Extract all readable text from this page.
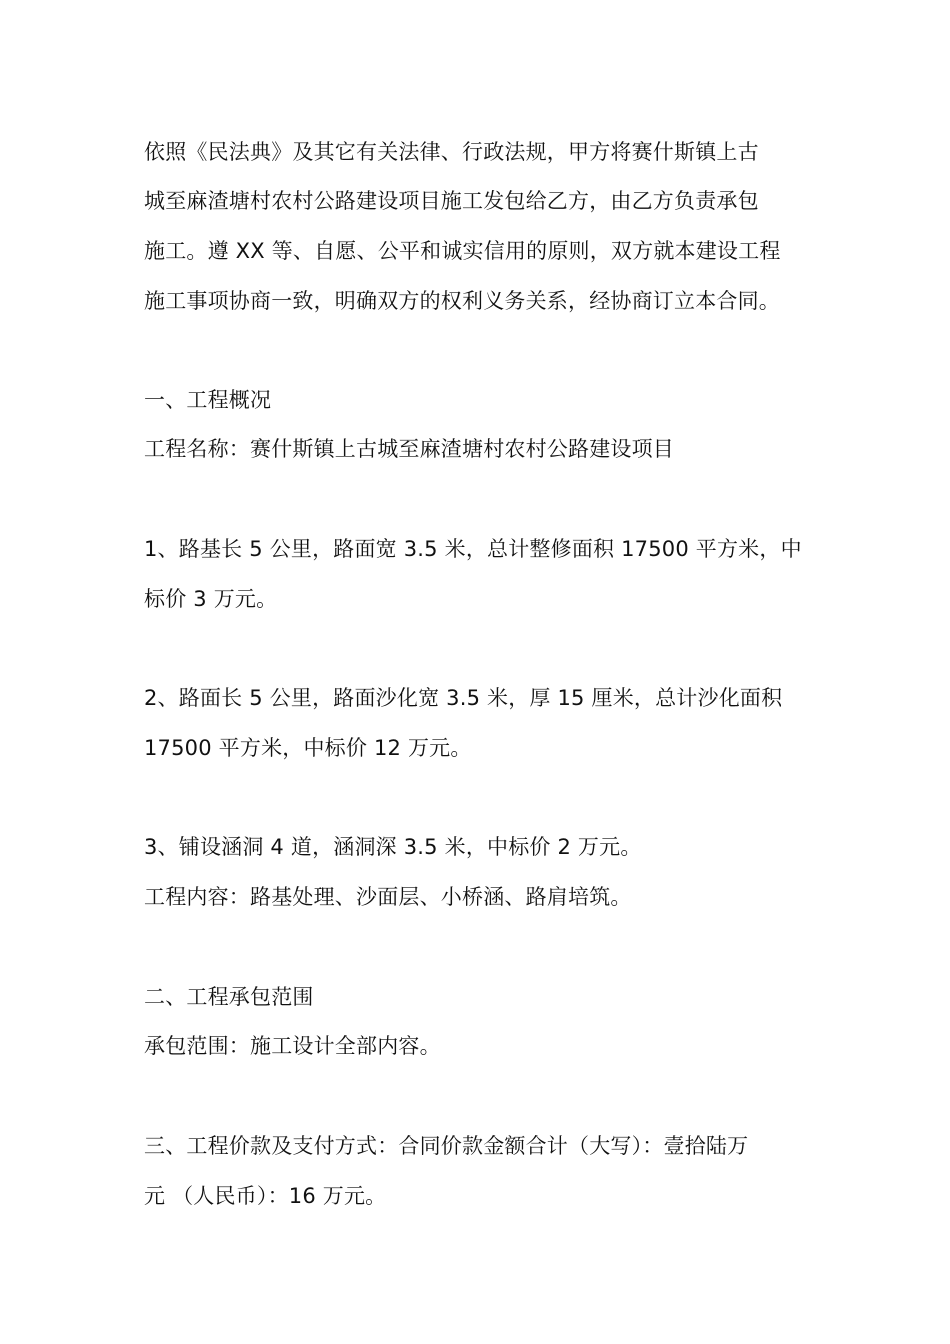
依照《民法典》及其它有关法律、行政法规，甲方将赛什斯镇上古
城至麻渣塘村农村公路建设项目施工发包给乙方，由乙方负责承包
施工。遵 XX 等、自愿、公平和诚实信用的原则，双方就本建设工程
施工事项协商一致，明确双方的权利义务关系，经协商订立本合同。
一、工程概况
工程名称：赛什斯镇上古城至麻渣塘村农村公路建设项目
1、路基长 5 公里，路面宽 3.5 米，总计整修面积 17500 平方米，中
标价 3 万元。
2、路面长 5 公里，路面沙化宽 3.5 米，厚 15 厘米，总计沙化面积
17500 平方米，中标价 12 万元。
3、铺设涵洞 4 道，涵洞深 3.5 米，中标价 2 万元。
工程内容：路基处理、沙面层、小桥涵、路肩培筑。
二、工程承包范围
承包范围：施工设计全部内容。
三、工程价款及支付方式：合同价款金额合计（大写）：壹拾陆万
元 （人民币）：16 万元。
